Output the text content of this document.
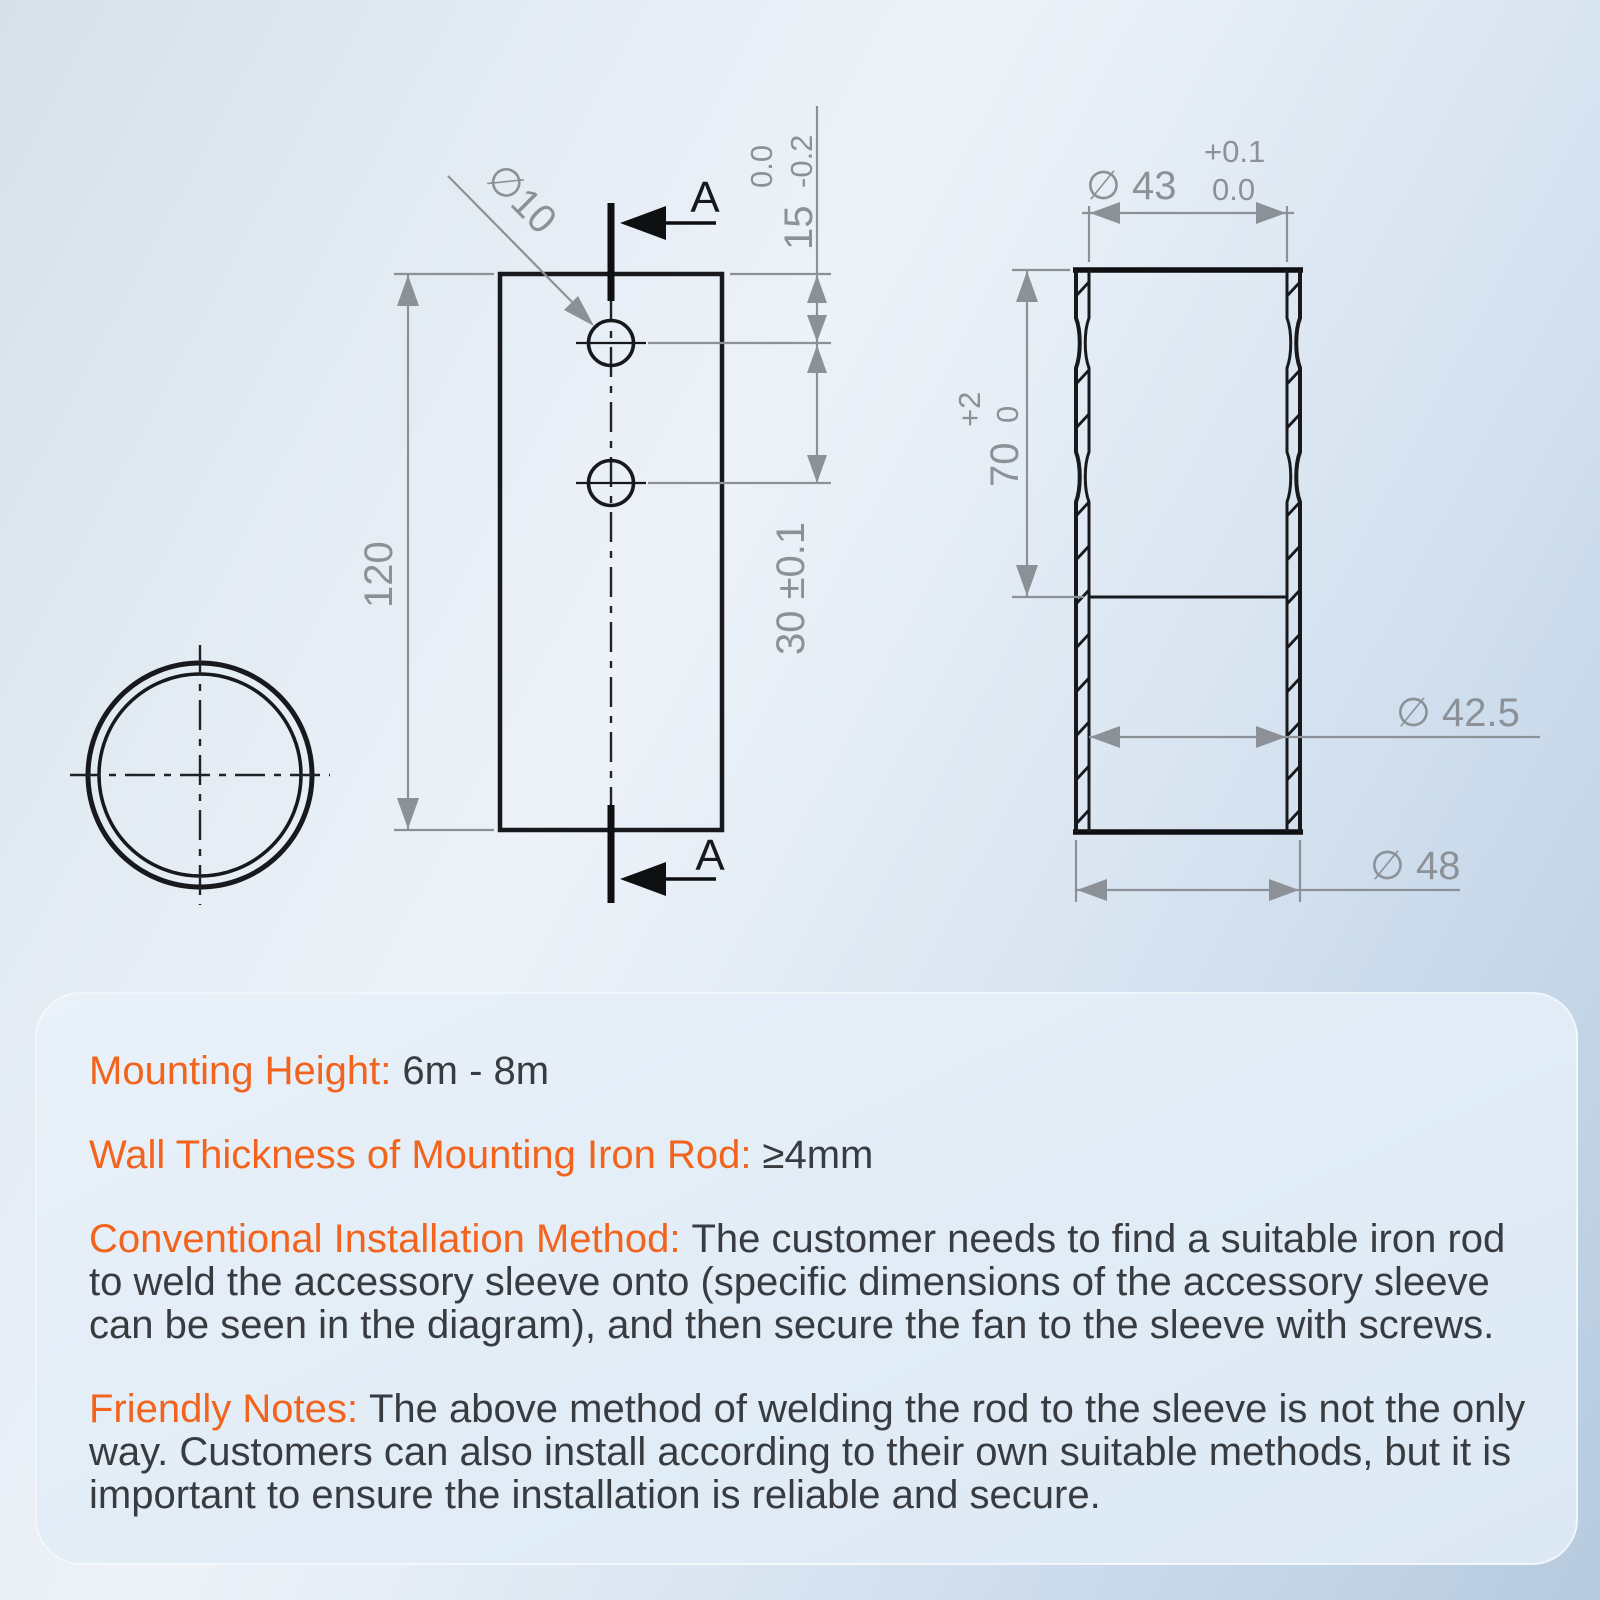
A
A
120
∅10	15
0.0 -0.2
30 ±0.1
∅ 43
+0.1
0.0
70
+2 0
∅ 42.5
∅ 48

Mounting Height: 6m - 8m

Wall Thickness of Mounting Iron Rod: ≥4mm

Conventional Installation Method: The customer needs to find a suitable iron rod to weld the accessory sleeve onto (specific dimensions of the accessory sleeve can be seen in the diagram), and then secure the fan to the sleeve with screws.

Friendly Notes: The above method of welding the rod to the sleeve is not the only way. Customers can also install according to their own suitable methods, but it is important to ensure the installation is reliable and secure.
